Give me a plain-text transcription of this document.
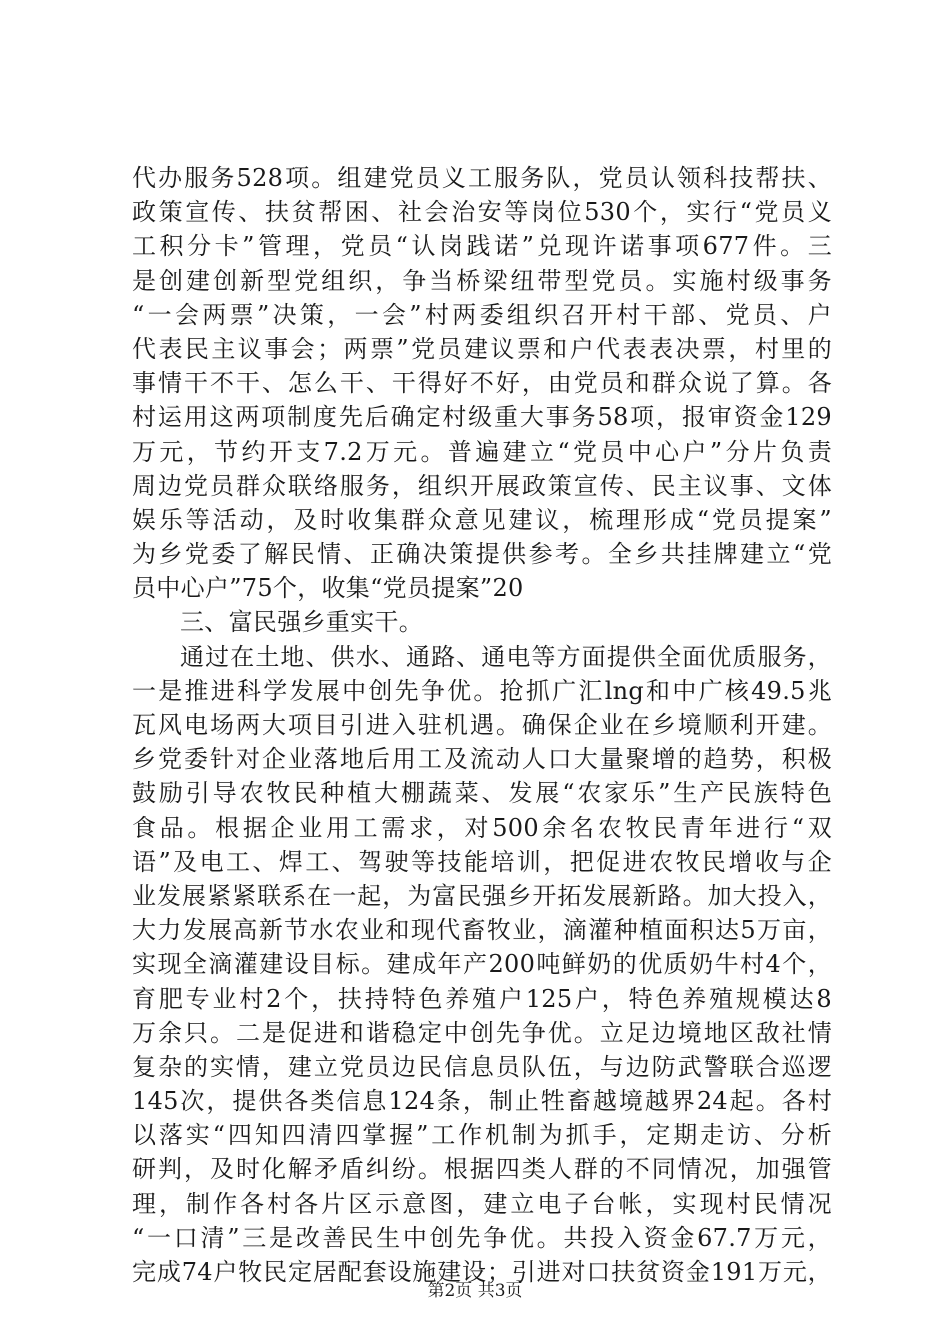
代办服务528项。组建党员义工服务队，党员认领科技帮扶、
政策宣传、扶贫帮困、社会治安等岗位530个，实行“党员义
工积分卡”管理，党员“认岗践诺”兑现许诺事项677件。三
是创建创新型党组织，争当桥梁纽带型党员。实施村级事务
“一会两票”决策，一会”村两委组织召开村干部、党员、户
代表民主议事会；两票”党员建议票和户代表表决票，村里的
事情干不干、怎么干、干得好不好，由党员和群众说了算。各
村运用这两项制度先后确定村级重大事务58项，报审资金129
万元，节约开支7.2万元。普遍建立“党员中心户”分片负责
周边党员群众联络服务，组织开展政策宣传、民主议事、文体
娱乐等活动，及时收集群众意见建议，梳理形成“党员提案”
为乡党委了解民情、正确决策提供参考。全乡共挂牌建立“党
员中心户”75个，收集“党员提案”20
三、富民强乡重实干。
通过在土地、供水、通路、通电等方面提供全面优质服务，
一是推进科学发展中创先争优。抢抓广汇lng和中广核49.5兆
瓦风电场两大项目引进入驻机遇。确保企业在乡境顺利开建。
乡党委针对企业落地后用工及流动人口大量聚增的趋势，积极
鼓励引导农牧民种植大棚蔬菜、发展“农家乐”生产民族特色
食品。根据企业用工需求，对500余名农牧民青年进行“双
语”及电工、焊工、驾驶等技能培训，把促进农牧民增收与企
业发展紧紧联系在一起，为富民强乡开拓发展新路。加大投入，
大力发展高新节水农业和现代畜牧业，滴灌种植面积达5万亩，
实现全滴灌建设目标。建成年产200吨鲜奶的优质奶牛村4个，
育肥专业村2个，扶持特色养殖户125户，特色养殖规模达8
万余只。二是促进和谐稳定中创先争优。立足边境地区敌社情
复杂的实情，建立党员边民信息员队伍，与边防武警联合巡逻
145次，提供各类信息124条，制止牲畜越境越界24起。各村
以落实“四知四清四掌握”工作机制为抓手，定期走访、分析
研判，及时化解矛盾纠纷。根据四类人群的不同情况，加强管
理，制作各村各片区示意图，建立电子台帐，实现村民情况
“一口清”三是改善民生中创先争优。共投入资金67.7万元，
完成74户牧民定居配套设施建设；引进对口扶贫资金191万元，
第2页 共3页
